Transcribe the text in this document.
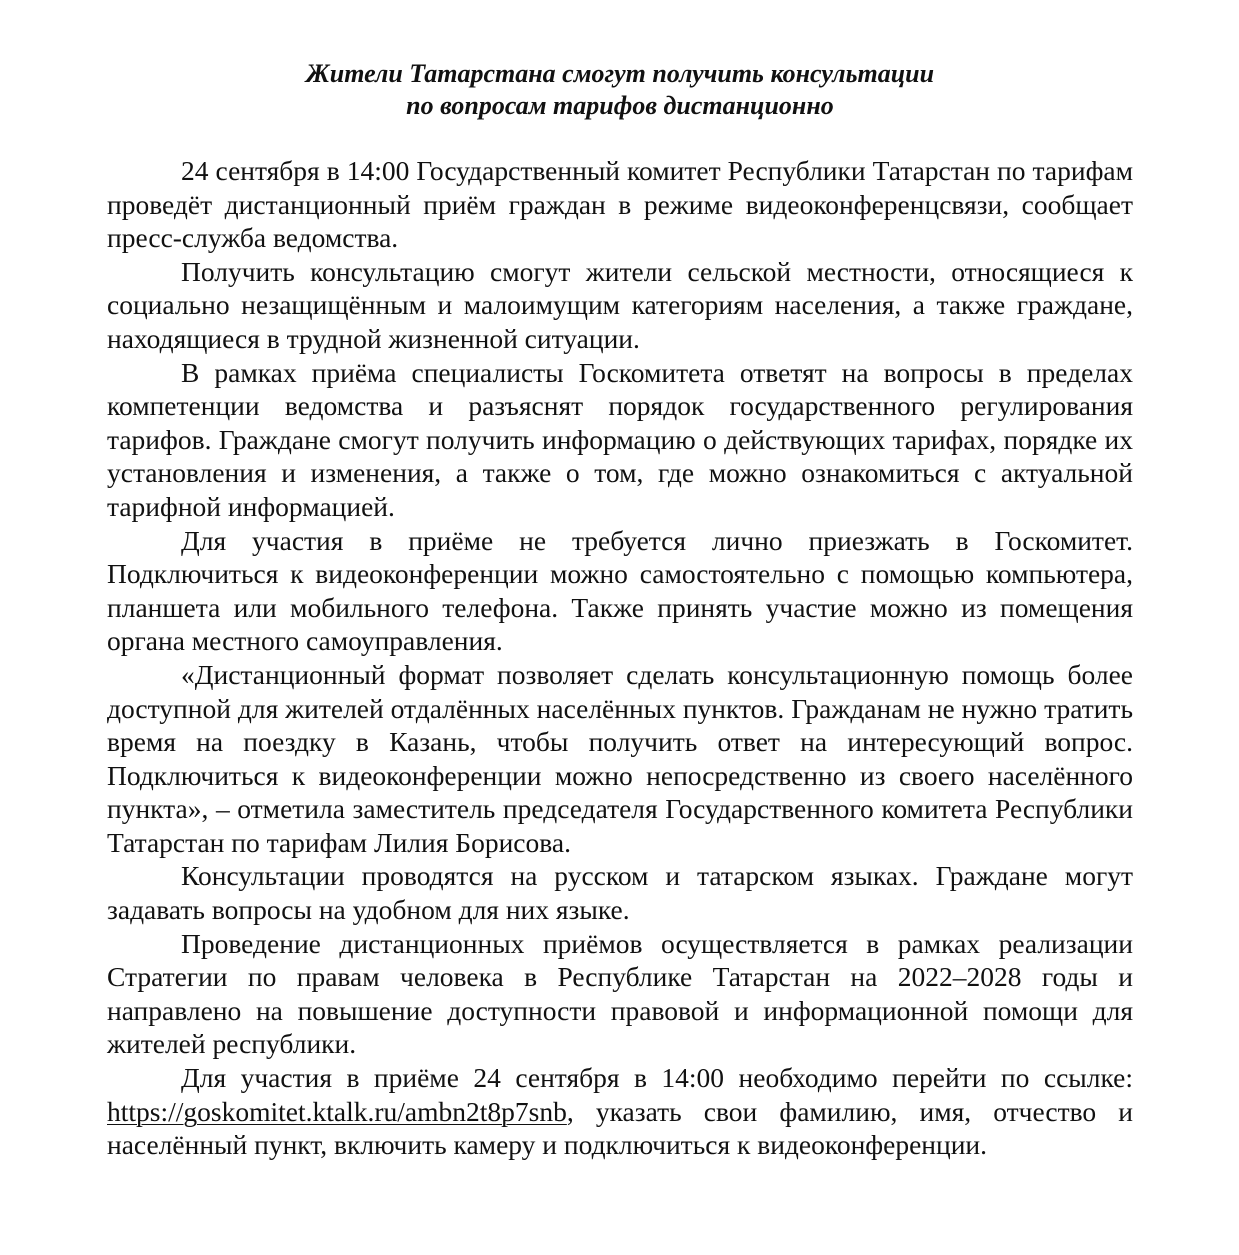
Жители Татарстана смогут получить консультации
по вопросам тарифов дистанционно

24 сентября в 14:00 Государственный комитет Республики Татарстан по тарифам проведёт дистанционный приём граждан в режиме видеоконференцсвязи, сообщает пресс-служба ведомства.

Получить консультацию смогут жители сельской местности, относящиеся к социально незащищённым и малоимущим категориям населения, а также граждане, находящиеся в трудной жизненной ситуации.

В рамках приёма специалисты Госкомитета ответят на вопросы в пределах компетенции ведомства и разъяснят порядок государственного регулирования тарифов. Граждане смогут получить информацию о действующих тарифах, порядке их установления и изменения, а также о том, где можно ознакомиться с актуальной тарифной информацией.

Для участия в приёме не требуется лично приезжать в Госкомитет. Подключиться к видеоконференции можно самостоятельно с помощью компьютера, планшета или мобильного телефона. Также принять участие можно из помещения органа местного самоуправления.

«Дистанционный формат позволяет сделать консультационную помощь более доступной для жителей отдалённых населённых пунктов. Гражданам не нужно тратить время на поездку в Казань, чтобы получить ответ на интересующий вопрос. Подключиться к видеоконференции можно непосредственно из своего населённого пункта», – отметила заместитель председателя Государственного комитета Республики Татарстан по тарифам Лилия Борисова.

Консультации проводятся на русском и татарском языках. Граждане могут задавать вопросы на удобном для них языке.

Проведение дистанционных приёмов осуществляется в рамках реализации Стратегии по правам человека в Республике Татарстан на 2022–2028 годы и направлено на повышение доступности правовой и информационной помощи для жителей республики.

Для участия в приёме 24 сентября в 14:00 необходимо перейти по ссылке: https://goskomitet.ktalk.ru/ambn2t8p7snb, указать свои фамилию, имя, отчество и населённый пункт, включить камеру и подключиться к видеоконференции.
